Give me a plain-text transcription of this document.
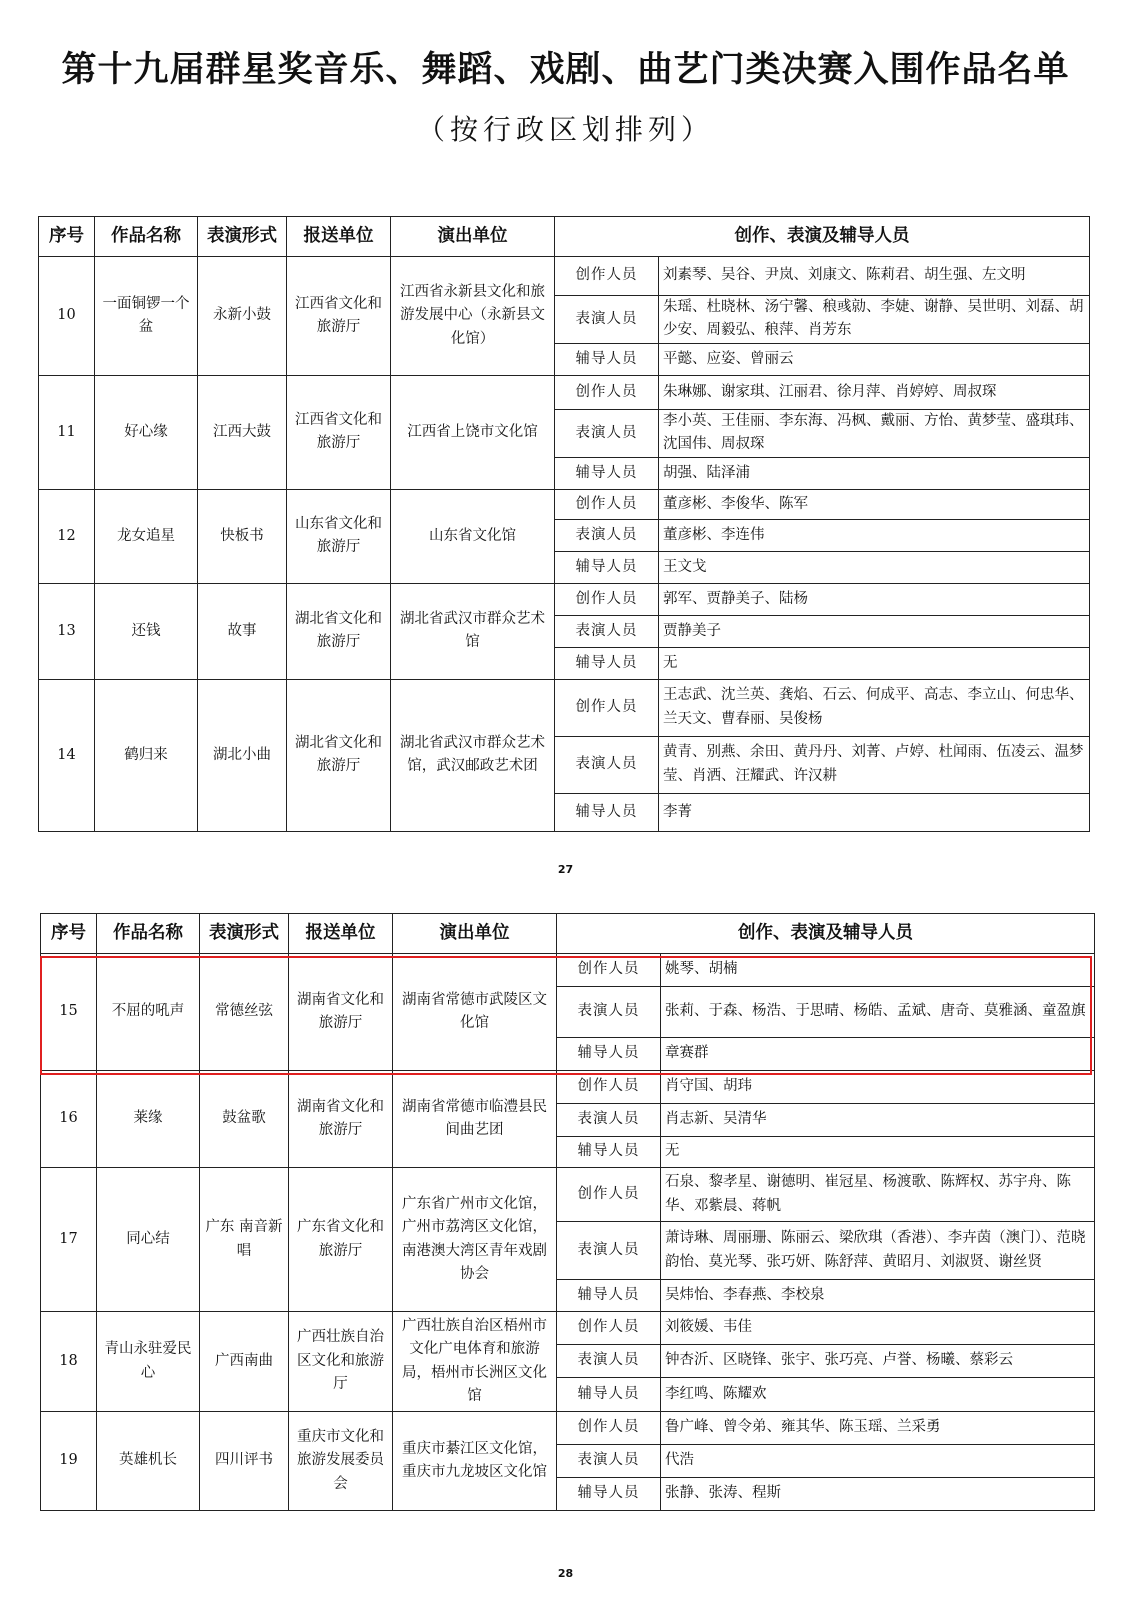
第十九届群星奖音乐、舞蹈、戏剧、曲艺门类决赛入围作品名单
（按行政区划排列）
序号	作品名称	表演形式	报送单位	演出单位	创作、表演及辅导人员	
10	一面铜锣一个盆	永新小鼓	江西省文化和旅游厅	江西省永新县文化和旅游发展中心（永新县文化馆）	创作人员	刘素琴、吴谷、尹岚、刘康文、陈莉君、胡生强、左文明
					表演人员	朱瑶、杜晓林、汤宁馨、稂彧勍、李婕、谢静、吴世明、刘磊、胡少安、周毅弘、稂萍、肖芳东
					辅导人员	平懿、应姿、曾丽云
11	好心缘	江西大鼓	江西省文化和旅游厅	江西省上饶市文化馆	创作人员	朱琳娜、谢家琪、江丽君、徐月萍、肖婷婷、周叔琛
					表演人员	李小英、王佳丽、李东海、冯枫、戴丽、方怡、黄梦莹、盛琪玮、沈国伟、周叔琛
					辅导人员	胡强、陆泽浦
12	龙女追星	快板书	山东省文化和旅游厅	山东省文化馆	创作人员	董彦彬、李俊华、陈军
					表演人员	董彦彬、李连伟
					辅导人员	王文戈
13	还钱	故事	湖北省文化和旅游厅	湖北省武汉市群众艺术馆	创作人员	郭军、贾静美子、陆杨
					表演人员	贾静美子
					辅导人员	无
14	鹤归来	湖北小曲	湖北省文化和旅游厅	湖北省武汉市群众艺术馆，武汉邮政艺术团	创作人员	王志武、沈兰英、龚焰、石云、何成平、高志、李立山、何忠华、兰天文、曹春丽、吴俊杨
					表演人员	黄青、别燕、余田、黄丹丹、刘菁、卢婷、杜闻雨、伍凌云、温梦莹、肖洒、汪耀武、许汉耕
					辅导人员	李菁
27
序号	作品名称	表演形式	报送单位	演出单位	创作、表演及辅导人员	
15	不屈的吼声	常德丝弦	湖南省文化和旅游厅	湖南省常德市武陵区文化馆	创作人员	姚琴、胡楠
					表演人员	张莉、于森、杨浩、于思晴、杨皓、孟斌、唐奇、莫雅涵、童盈旗
					辅导人员	章赛群
16	莱缘	鼓盆歌	湖南省文化和旅游厅	湖南省常德市临澧县民间曲艺团	创作人员	肖守国、胡玮
					表演人员	肖志新、吴清华
					辅导人员	无
17	同心结	广东 南音新唱	广东省文化和旅游厅	广东省广州市文化馆，广州市荔湾区文化馆，南港澳大湾区青年戏剧协会	创作人员	石泉、黎孝星、谢德明、崔冠星、杨渡歌、陈辉权、苏宇舟、陈华、邓紫晨、蒋帆
					表演人员	萧诗琳、周丽珊、陈丽云、梁欣琪（香港）、李卉茵（澳门）、范晓韵怡、莫光琴、张巧妍、陈舒萍、黄昭月、刘淑贤、谢丝贤
					辅导人员	吴炜怡、李春燕、李校泉
18	青山永驻爱民心	广西南曲	广西壮族自治区文化和旅游厅	广西壮族自治区梧州市文化广电体育和旅游局，梧州市长洲区文化馆	创作人员	刘筱媛、韦佳
					表演人员	钟杏沂、区晓锋、张宇、张巧亮、卢誉、杨曦、蔡彩云
					辅导人员	李红鸣、陈耀欢
19	英雄机长	四川评书	重庆市文化和旅游发展委员会	重庆市綦江区文化馆，重庆市九龙坡区文化馆	创作人员	鲁广峰、曾令弟、雍其华、陈玉瑶、兰采勇
					表演人员	代浩
					辅导人员	张静、张涛、程斯
28
